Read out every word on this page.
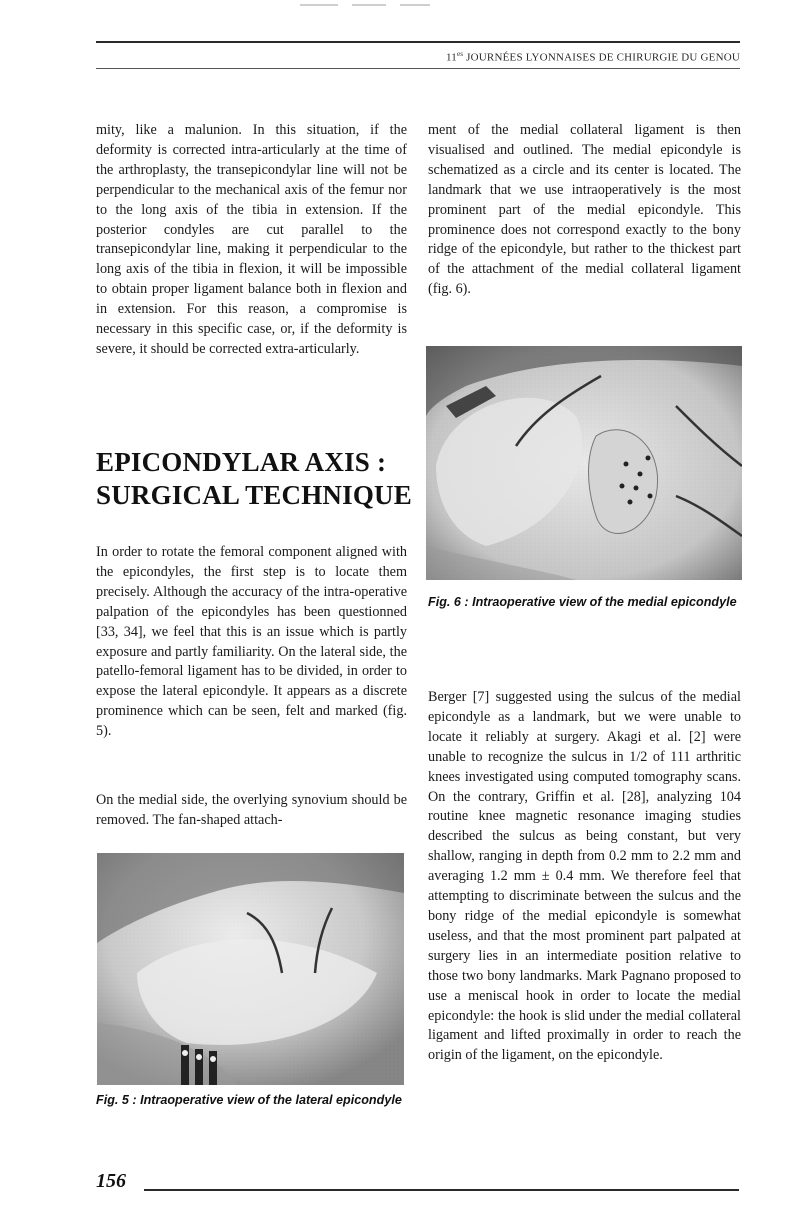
$11^{es}$ JOURNÉES LYONNAISES DE CHIRURGIE DU GENOU

mity, like a malunion. In this situation, if the deformity is corrected intra-articularly at the time of the arthroplasty, the transepicondylar line will not be perpendicular to the mechanical axis of the femur nor to the long axis of the tibia in extension. If the posterior condyles are cut parallel to the transepicondylar line, making it perpendicular to the long axis of the tibia in flexion, it will be impossible to obtain proper ligament balance both in flexion and in extension. For this reason, a compromise is necessary in this specific case, or, if the deformity is severe, it should be corrected extra-articularly.

EPICONDYLAR AXIS :
SURGICAL TECHNIQUE

In order to rotate the femoral component aligned with the epicondyles, the first step is to locate them precisely. Although the accuracy of the intra-operative palpation of the epicondyles has been questionned [33, 34], we feel that this is an issue which is partly exposure and partly familiarity. On the lateral side, the patello-femoral ligament has to be divided, in order to expose the lateral epicondyle. It appears as a discrete prominence which can be seen, felt and marked (fig. 5).

On the medial side, the overlying synovium should be removed. The fan-shaped attach-

Fig. 5 : Intraoperative view of the lateral epicondyle

ment of the medial collateral ligament is then visualised and outlined. The medial epicondyle is schematized as a circle and its center is located. The landmark that we use intraoperatively is the most prominent part of the medial epicondyle. This prominence does not correspond exactly to the bony ridge of the epicondyle, but rather to the thickest part of the attachment of the medial collateral ligament (fig. 6).

Fig. 6 : Intraoperative view of the medial epicondyle

Berger [7] suggested using the sulcus of the medial epicondyle as a landmark, but we were unable to locate it reliably at surgery. Akagi et al. [2] were unable to recognize the sulcus in 1/2 of 111 arthritic knees investigated using computed tomography scans. On the contrary, Griffin et al. [28], analyzing 104 routine knee magnetic resonance imaging studies described the sulcus as being constant, but very shallow, ranging in depth from 0.2 mm to 2.2 mm and averaging 1.2 mm ± 0.4 mm. We therefore feel that attempting to discriminate between the sulcus and the bony ridge of the medial epicondyle is somewhat useless, and that the most prominent part palpated at surgery lies in an intermediate position relative to those two bony landmarks. Mark Pagnano proposed to use a meniscal hook in order to locate the medial epicondyle: the hook is slid under the medial collateral ligament and lifted proximally in order to reach the origin of the ligament, on the epicondyle.

156
